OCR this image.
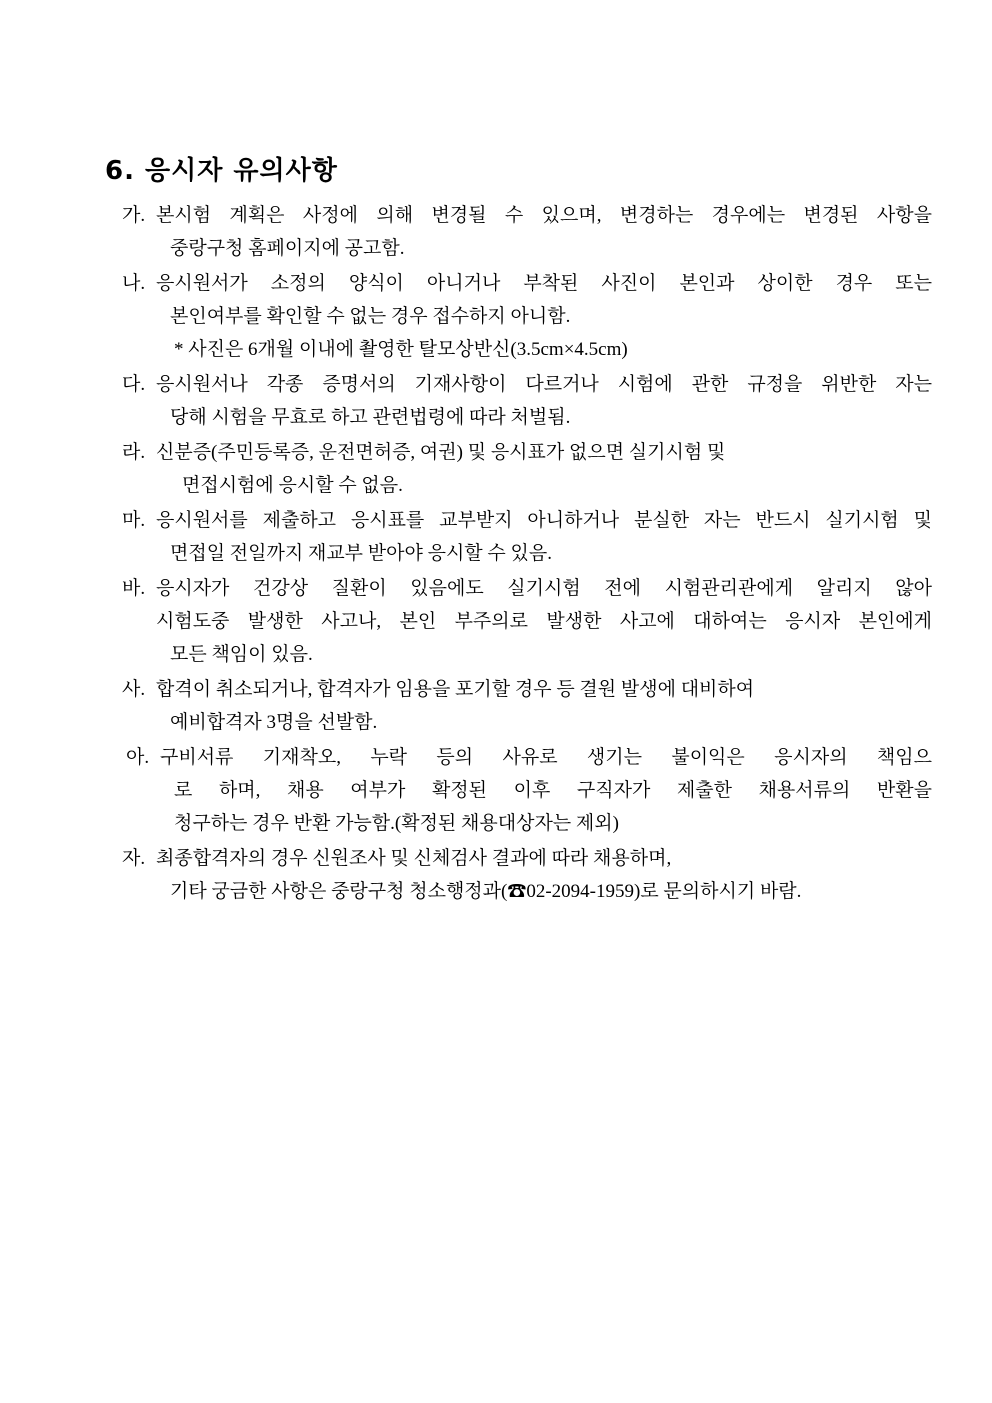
6. 응시자 유의사항
가. 본시험 계획은 사정에 의해 변경될 수 있으며, 변경하는 경우에는 변경된 사항을
중랑구청 홈페이지에 공고함.
나. 응시원서가 소정의 양식이 아니거나 부착된 사진이 본인과 상이한 경우 또는
본인여부를 확인할 수 없는 경우 접수하지 아니함.
* 사진은 6개월 이내에 촬영한 탈모상반신(3.5cm×4.5cm)
다. 응시원서나 각종 증명서의 기재사항이 다르거나 시험에 관한 규정을 위반한 자는
당해 시험을 무효로 하고 관련법령에 따라 처벌됨.
라. 신분증(주민등록증, 운전면허증, 여권) 및 응시표가 없으면 실기시험 및
면접시험에 응시할 수 없음.
마. 응시원서를 제출하고 응시표를 교부받지 아니하거나 분실한 자는 반드시 실기시험 및
면접일 전일까지 재교부 받아야 응시할 수 있음.
바. 응시자가 건강상 질환이 있음에도 실기시험 전에 시험관리관에게 알리지 않아
시험도중 발생한 사고나, 본인 부주의로 발생한 사고에 대하여는 응시자 본인에게
모든 책임이 있음.
사. 합격이 취소되거나, 합격자가 임용을 포기할 경우 등 결원 발생에 대비하여
예비합격자 3명을 선발함.
아. 구비서류 기재착오, 누락 등의 사유로 생기는 불이익은 응시자의 책임으
로 하며, 채용 여부가 확정된 이후 구직자가 제출한 채용서류의 반환을
청구하는 경우 반환 가능함.(확정된 채용대상자는 제외)
자. 최종합격자의 경우 신원조사 및 신체검사 결과에 따라 채용하며,
기타 궁금한 사항은 중랑구청 청소행정과(☎02-2094-1959)로 문의하시기 바람.
